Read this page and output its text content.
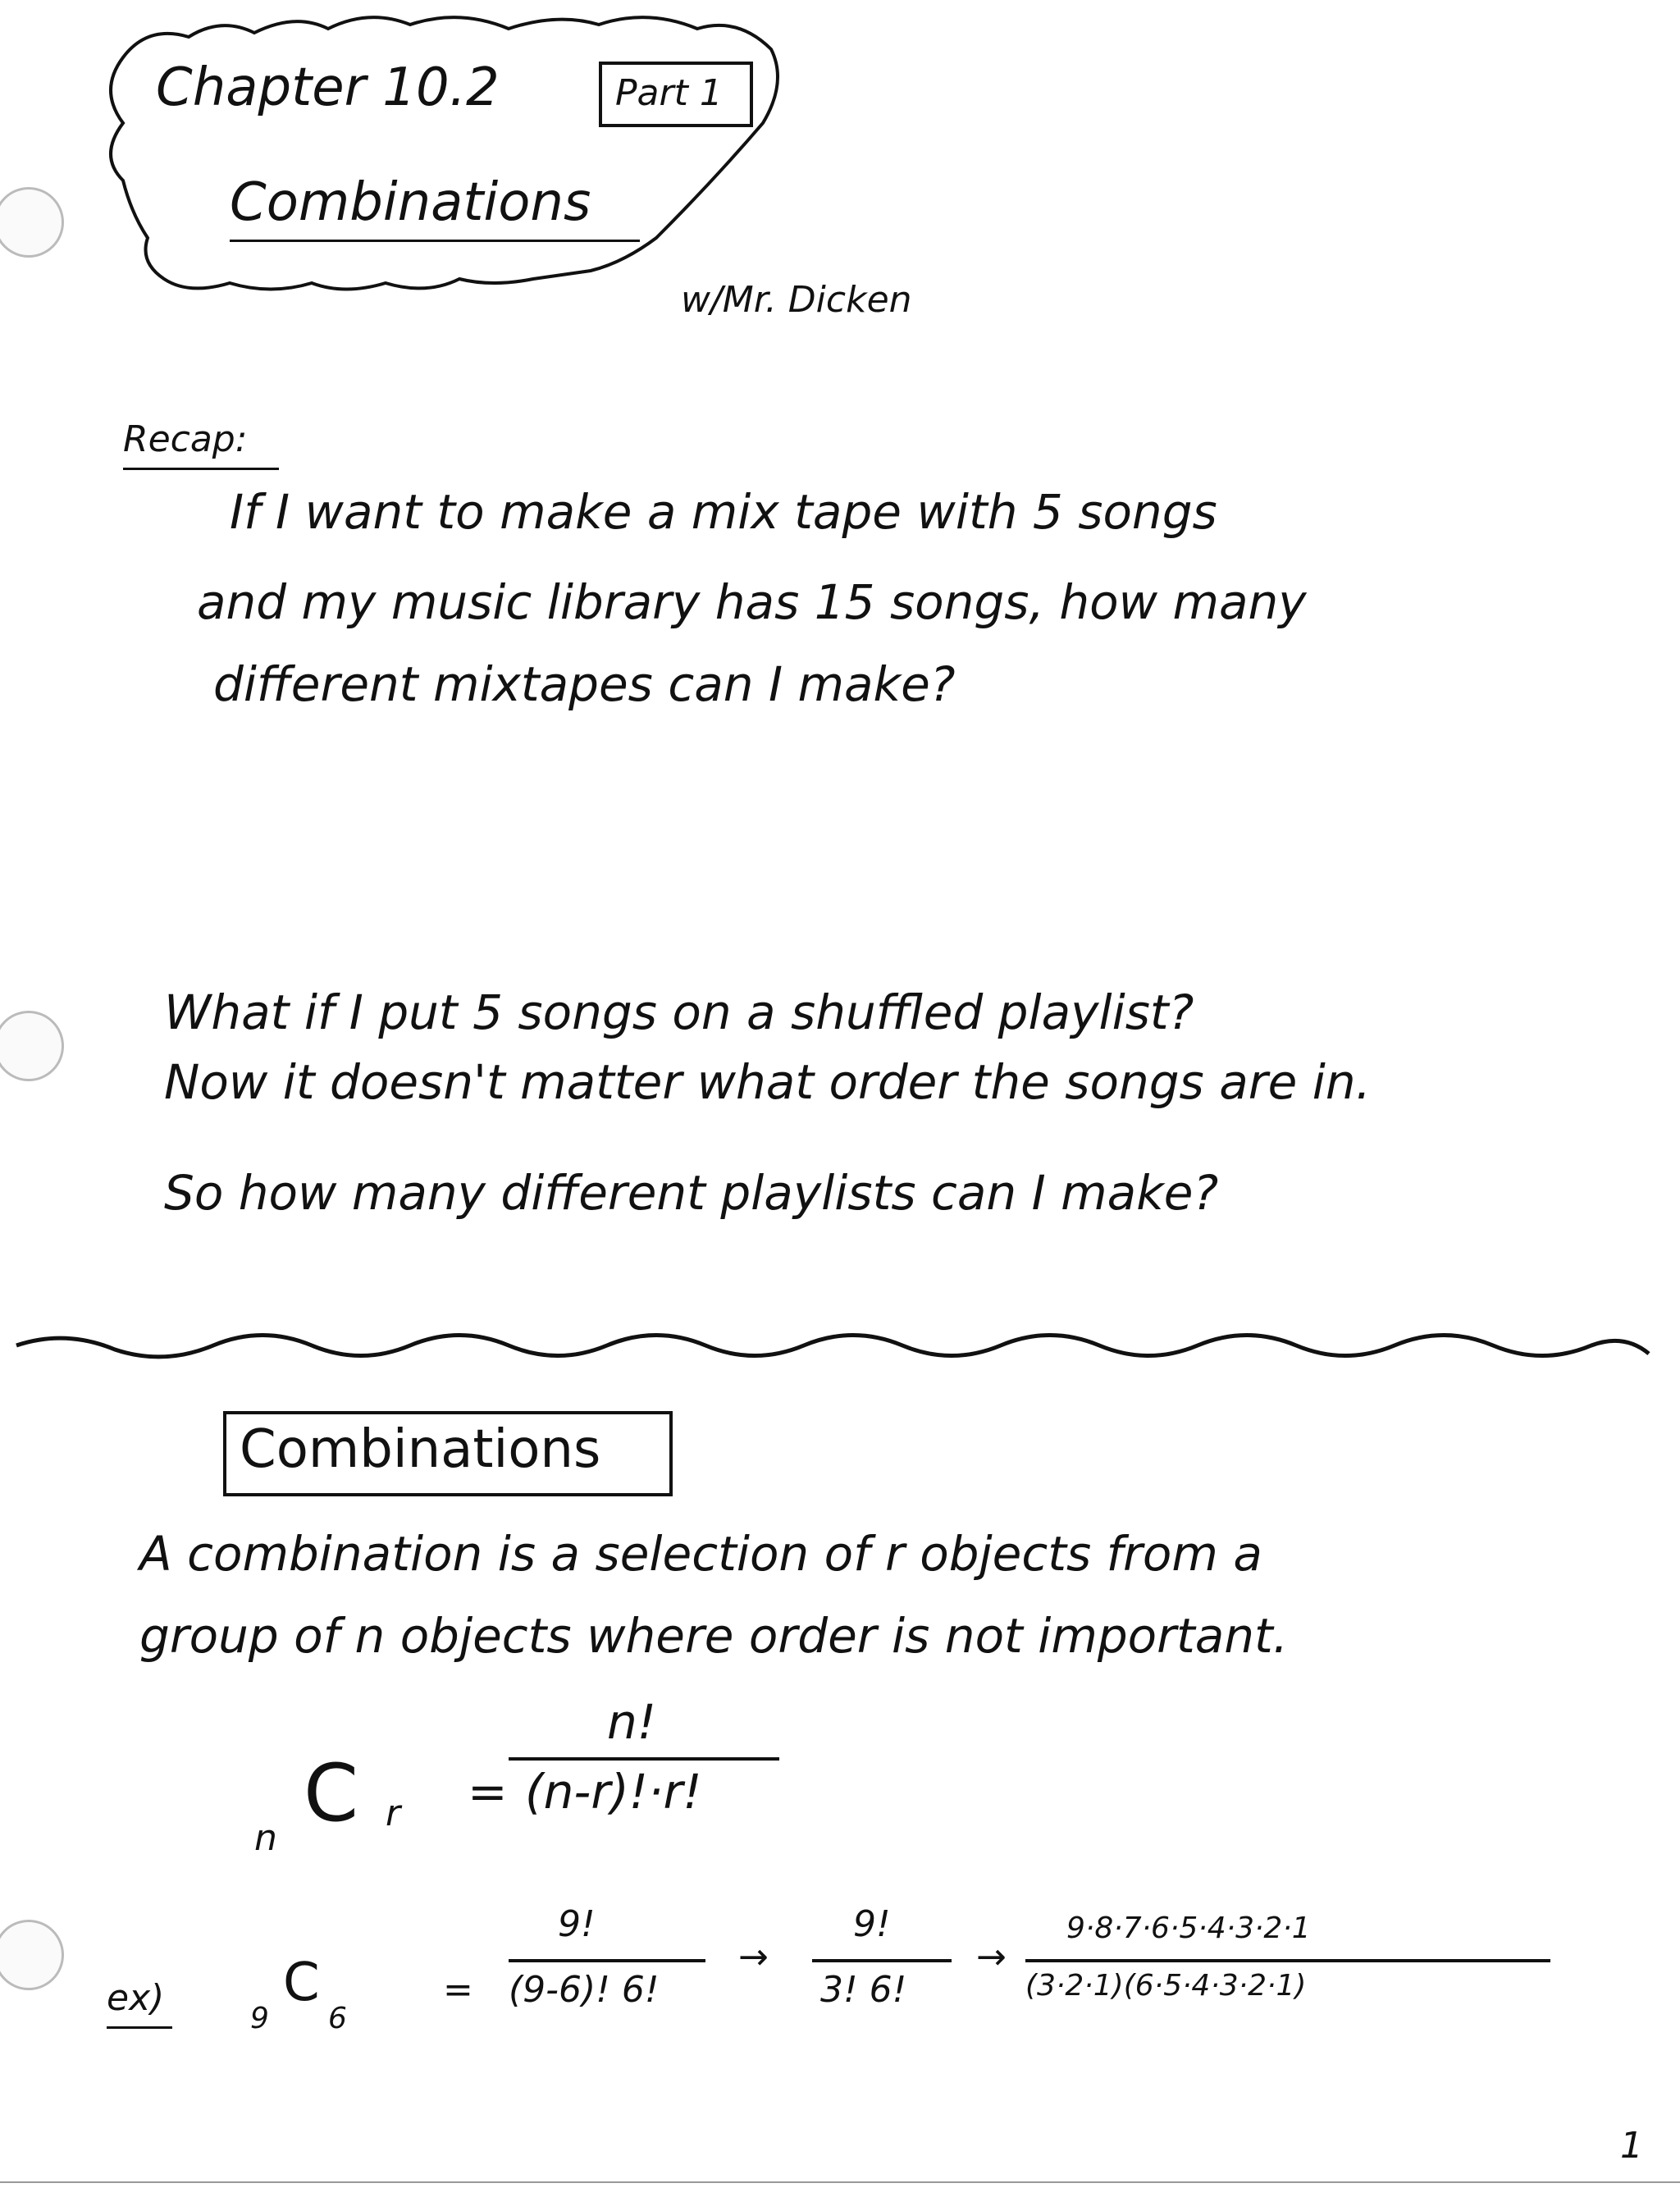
Chapter 10.2	Part 1
Combinations
w/Mr. Dicken
Recap:
If I want to make a mix tape with 5 songs
and my music library has 15 songs, how many
different mixtapes can I make?
What if I put 5 songs on a shuffled playlist?
Now it doesn't matter what order the songs are in.
So how many different playlists can I make?
Combinations
A combination is a selection of r objects from a
group of n objects where order is not important.
n C r =
n!
(n-r)!·r!
ex)	9
C
6
=
9!
(9-6)! 6!
→
9!
3! 6!
→
9·8·7·6·5·4·3·2·1
(3·2·1)(6·5·4·3·2·1)
1
